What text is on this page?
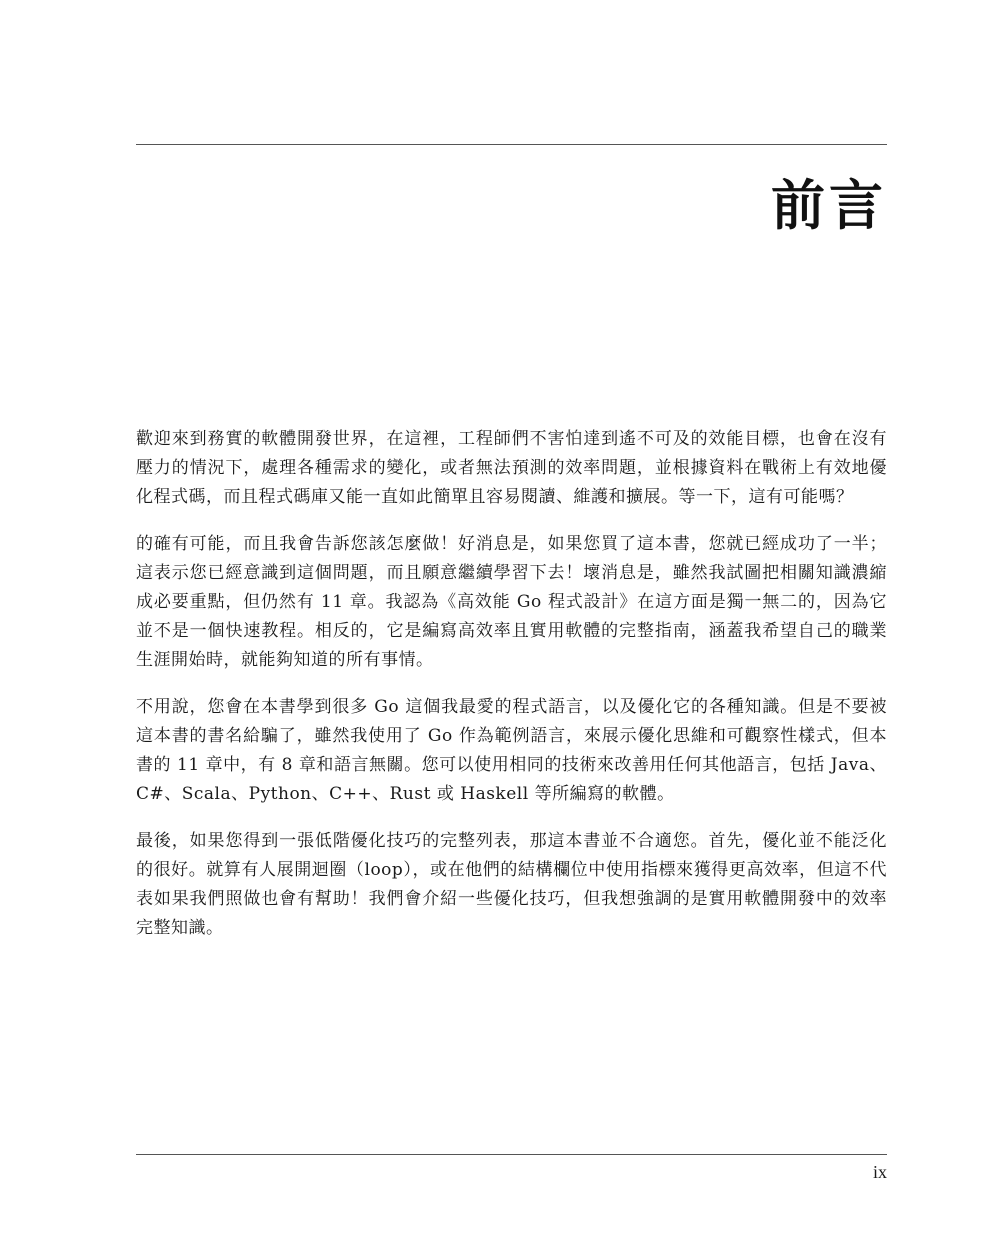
前言

歡迎來到務實的軟體開發世界，在這裡，工程師們不害怕達到遙不可及的效能目標，也會在沒有壓力的情況下，處理各種需求的變化，或者無法預測的效率問題，並根據資料在戰術上有效地優化程式碼，而且程式碼庫又能一直如此簡單且容易閱讀、維護和擴展。等一下，這有可能嗎？

的確有可能，而且我會告訴您該怎麼做！好消息是，如果您買了這本書，您就已經成功了一半；這表示您已經意識到這個問題，而且願意繼續學習下去！壞消息是，雖然我試圖把相關知識濃縮成必要重點，但仍然有 11 章。我認為《高效能 Go 程式設計》在這方面是獨一無二的，因為它並不是一個快速教程。相反的，它是編寫高效率且實用軟體的完整指南，涵蓋我希望自己的職業生涯開始時，就能夠知道的所有事情。

不用說，您會在本書學到很多 Go 這個我最愛的程式語言，以及優化它的各種知識。但是不要被這本書的書名給騙了，雖然我使用了 Go 作為範例語言，來展示優化思維和可觀察性樣式，但本書的 11 章中，有 8 章和語言無關。您可以使用相同的技術來改善用任何其他語言，包括 Java、C#、Scala、Python、C++、Rust 或 Haskell 等所編寫的軟體。

最後，如果您得到一張低階優化技巧的完整列表，那這本書並不合適您。首先，優化並不能泛化的很好。就算有人展開迴圈（loop），或在他們的結構欄位中使用指標來獲得更高效率，但這不代表如果我們照做也會有幫助！我們會介紹一些優化技巧，但我想強調的是實用軟體開發中的效率完整知識。

ix
